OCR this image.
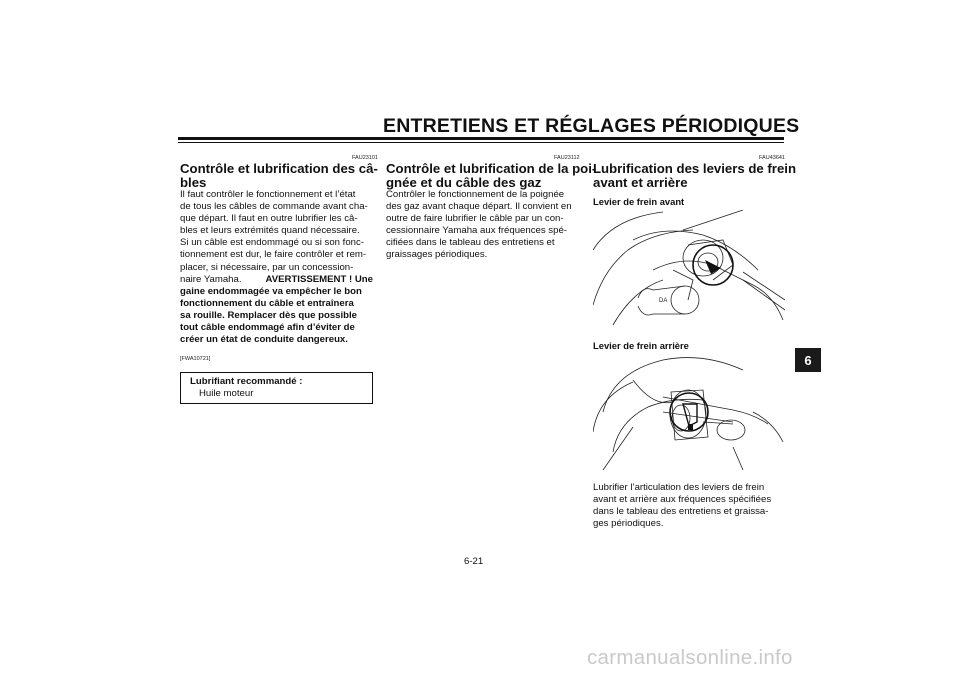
ENTRETIENS ET RÉGLAGES PÉRIODIQUES
FAU23101
Contrôle et lubrification des câ-
bles
Il faut contrôler le fonctionnement et l’état
de tous les câbles de commande avant cha-
que départ. Il faut en outre lubrifier les câ-
bles et leurs extrémités quand nécessaire.
Si un câble est endommagé ou si son fonc-
tionnement est dur, le faire contrôler et rem-
placer, si nécessaire, par un concession-
naire Yamaha. AVERTISSEMENT ! Une
gaine endommagée va empêcher le bon
fonctionnement du câble et entraînera
sa rouille. Remplacer dès que possible
tout câble endommagé afin d’éviter de
créer un état de conduite dangereux.
[FWA10721]
Lubrifiant recommandé :
Huile moteur
FAU23112
Contrôle et lubrification de la poi-
gnée et du câble des gaz
Contrôler le fonctionnement de la poignée
des gaz avant chaque départ. Il convient en
outre de faire lubrifier le câble par un con-
cessionnaire Yamaha aux fréquences spé-
cifiées dans le tableau des entretiens et
graissages périodiques.
FAU43641
Lubrification des leviers de frein
avant et arrière
Levier de frein avant
DA
Levier de frein arrière
Lubrifier l’articulation des leviers de frein
avant et arrière aux fréquences spécifiées
dans le tableau des entretiens et graissa-
ges périodiques.
6
6-21
carmanualsonline.info
